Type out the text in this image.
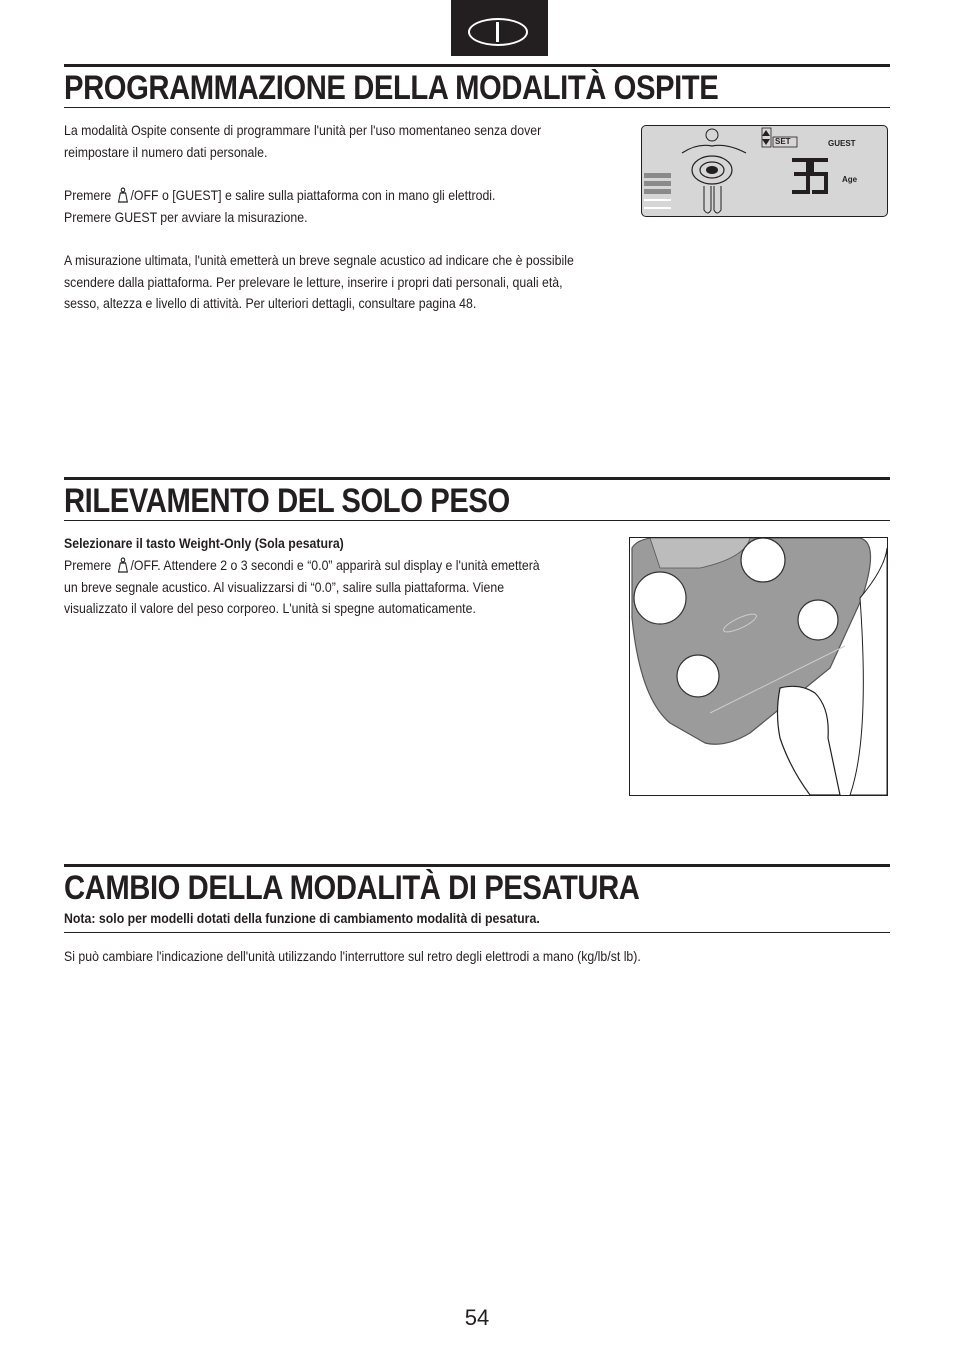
PROGRAMMAZIONE DELLA MODALITÀ OSPITE

La modalità Ospite consente di programmare l'unità per l'uso momentaneo senza dover reimpostare il numero dati personale.

Premere /OFF o [GUEST] e salire sulla piattaforma con in mano gli elettrodi.
Premere GUEST per avviare la misurazione.

A misurazione ultimata, l'unità emetterà un breve segnale acustico ad indicare che è possibile scendere dalla piattaforma. Per prelevare le letture, inserire i propri dati personali, quali età, sesso, altezza e livello di attività. Per ulteriori dettagli, consultare pagina 48.

SET	GUEST
Age
RILEVAMENTO DEL SOLO PESO

Selezionare il tasto Weight-Only (Sola pesatura)

Premere /OFF. Attendere 2 o 3 secondi e “0.0” apparirà sul display e l'unità emetterà un breve segnale acustico. Al visualizzarsi di “0.0”, salire sulla piattaforma. Viene visualizzato il valore del peso corporeo. L'unità si spegne automaticamente.

CAMBIO DELLA MODALITÀ DI PESATURA

Nota: solo per modelli dotati della funzione di cambiamento modalità di pesatura.

Si può cambiare l'indicazione dell'unità utilizzando l'interruttore sul retro degli elettrodi a mano (kg/lb/st lb).

54
